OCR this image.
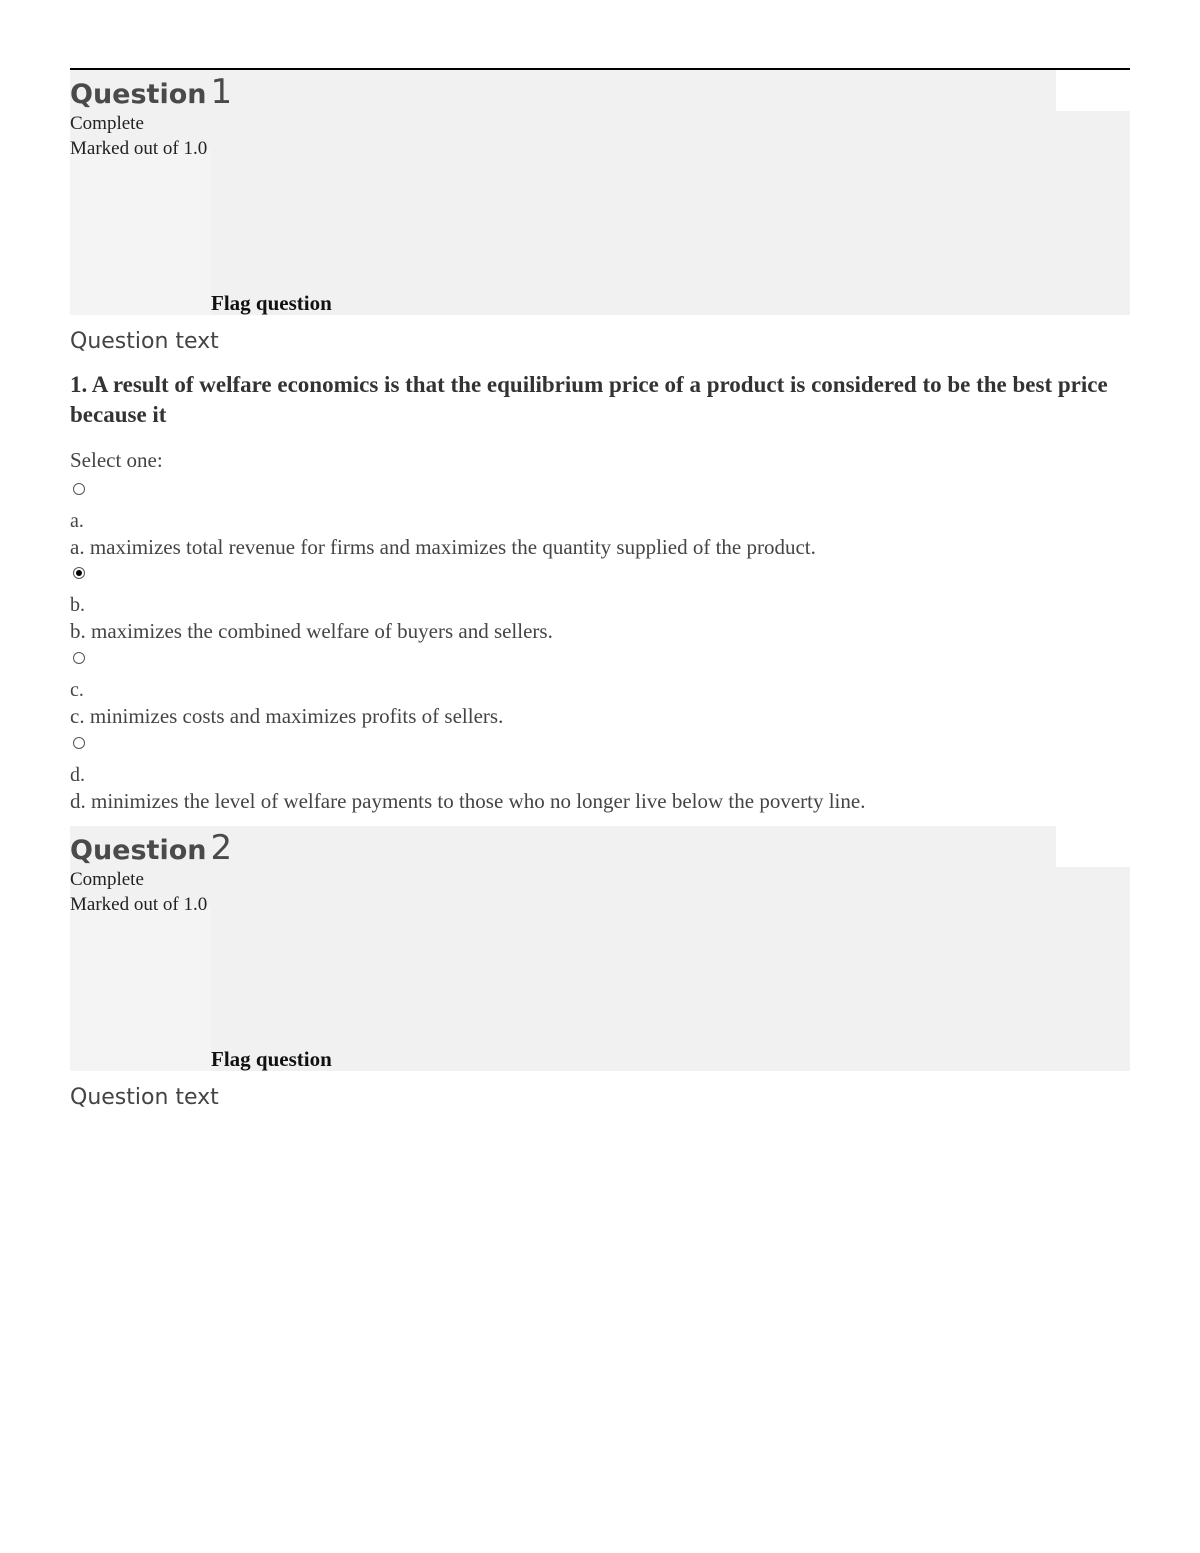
Question 1
Complete
Marked out of 1.0
Flag question
Question text

1. A result of welfare economics is that the equilibrium price of a product is considered to be the best price because it

Select one:
a.
a. maximizes total revenue for firms and maximizes the quantity supplied of the product.
b.
b. maximizes the combined welfare of buyers and sellers.
c.
c. minimizes costs and maximizes profits of sellers.
d.
d. minimizes the level of welfare payments to those who no longer live below the poverty line.
Question 2
Complete
Marked out of 1.0
Flag question
Question text
